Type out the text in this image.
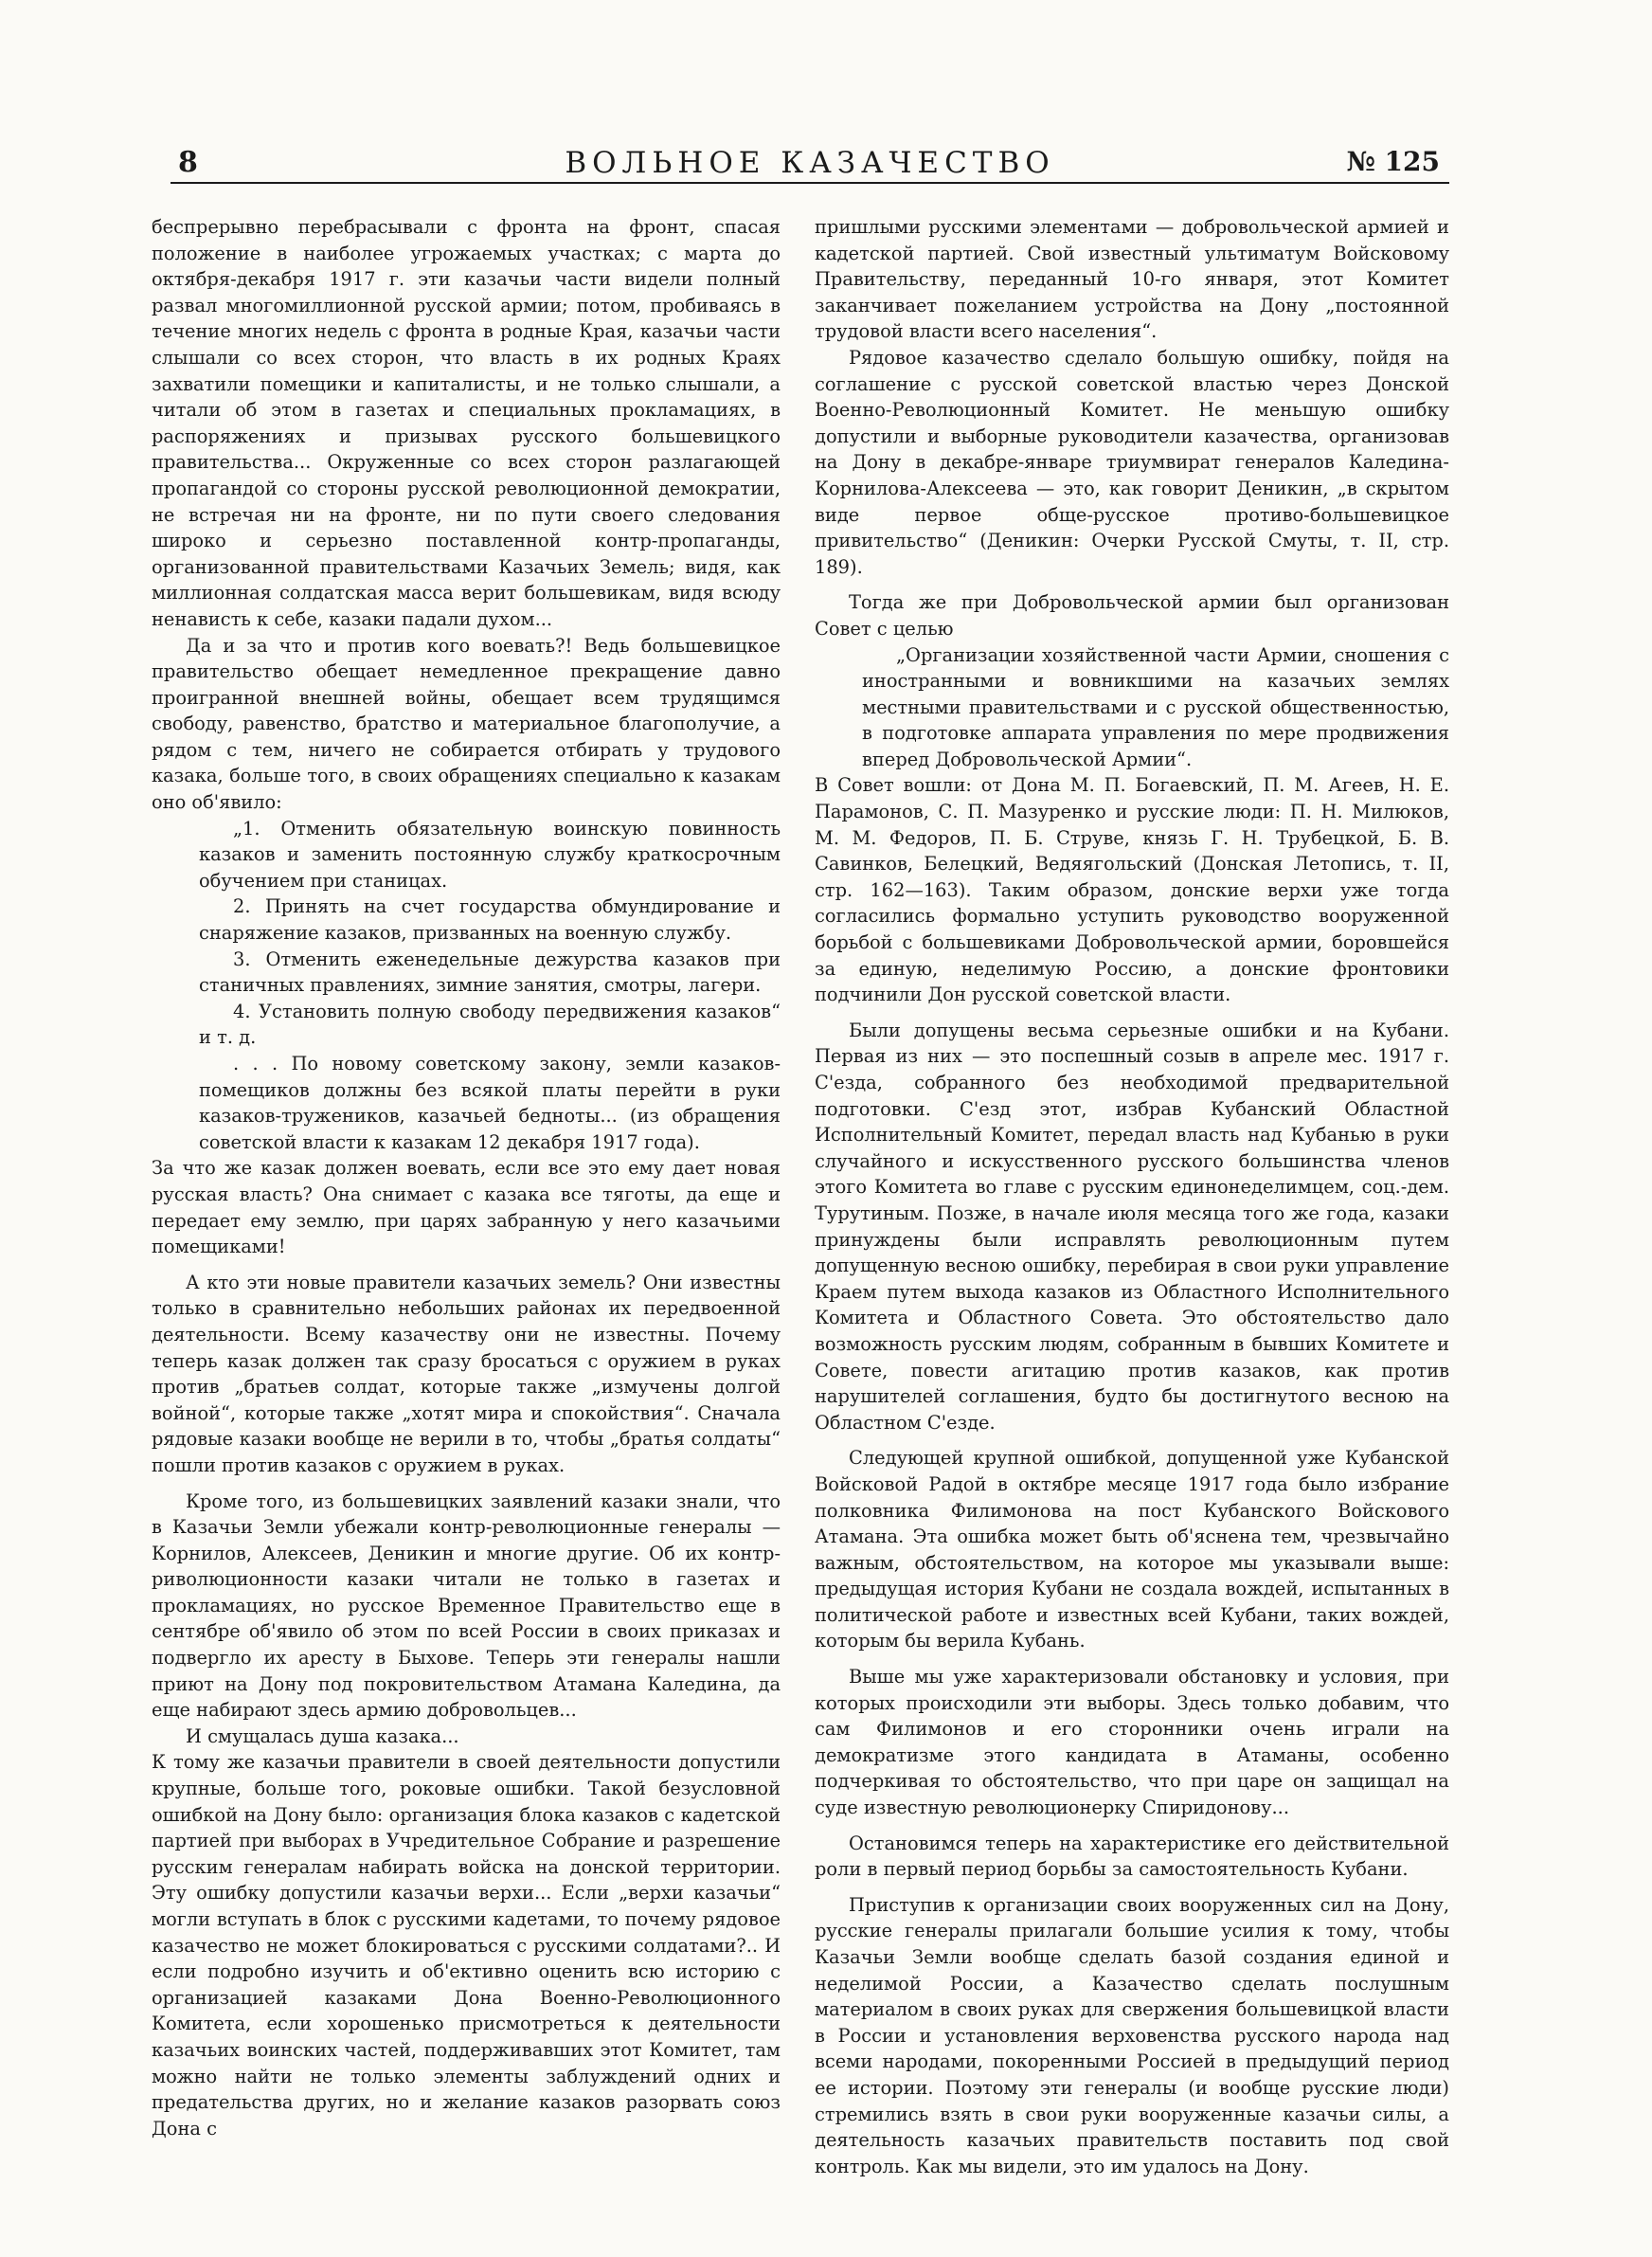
8	ВОЛЬНОЕ КАЗАЧЕСТВО	№ 125

беспрерывно перебрасывали с фронта на фронт, спасая положение в наиболее угрожаемых участках; с марта до октября-декабря 1917 г. эти казачьи части видели полный развал многомиллионной русской армии; потом, пробиваясь в течение многих недель с фронта в родные Края, казачьи части слышали со всех сторон, что власть в их родных Краях захватили помещики и капиталисты, и не только слышали, а читали об этом в газетах и специальных прокламациях, в распоряжениях и призывах русского большевицкого правительства... Окруженные со всех сторон разлагающей пропагандой со стороны русской революционной демократии, не встречая ни на фронте, ни по пути своего следования широко и серьезно поставленной контр-пропаганды, организованной правительствами Казачьих Земель; видя, как миллионная солдатская масса верит большевикам, видя всюду ненависть к себе, казаки падали духом...

Да и за что и против кого воевать?! Ведь большевицкое правительство обещает немедленное прекращение давно проигранной внешней войны, обещает всем трудящимся свободу, равенство, братство и материальное благополучие, а рядом с тем, ничего не собирается отбирать у трудового казака, больше того, в своих обращениях специально к казакам оно об'явило:

„1. Отменить обязательную воинскую повинность казаков и заменить постоянную службу краткосрочным обучением при станицах.

2. Принять на счет государства обмундирование и снаряжение казаков, призванных на военную службу.

3. Отменить еженедельные дежурства казаков при станичных правлениях, зимние занятия, смотры, лагери.

4. Установить полную свободу передвижения казаков“ и т. д.

. . . По новому советскому закону, земли казаков-помещиков должны без всякой платы перейти в руки казаков-тружеников, казачьей бедноты... (из обращения советской власти к казакам 12 декабря 1917 года).

За что же казак должен воевать, если все это ему дает новая русская власть? Она снимает с казака все тяготы, да еще и передает ему землю, при царях забранную у него казачьими помещиками!

А кто эти новые правители казачьих земель? Они известны только в сравнительно небольших районах их передвоенной деятельности. Всему казачеству они не известны. Почему теперь казак должен так сразу бросаться с оружием в руках против „братьев солдат, которые также „измучены долгой войной“, которые также „хотят мира и спокойствия“. Сначала рядовые казаки вообще не верили в то, чтобы „братья солдаты“ пошли против казаков с оружием в руках.

Кроме того, из большевицких заявлений казаки знали, что в Казачьи Земли убежали контр-революционные генералы — Корнилов, Алексеев, Деникин и многие другие. Об их контр-риволюционности казаки читали не только в газетах и прокламациях, но русское Временное Правительство еще в сентябре об'явило об этом по всей России в своих приказах и подвергло их аресту в Быхове. Теперь эти генералы нашли приют на Дону под покровительством Атамана Каледина, да еще набирают здесь армию добровольцев...

И смущалась душа казака...

К тому же казачьи правители в своей деятельности допустили крупные, больше того, роковые ошибки. Такой безусловной ошибкой на Дону было: организация блока казаков с кадетской партией при выборах в Учредительное Собрание и разрешение русским генералам набирать войска на донской территории. Эту ошибку допустили казачьи верхи... Если „верхи казачьи“ могли вступать в блок с русскими кадетами, то почему рядовое казачество не может блокироваться с русскими солдатами?.. И если подробно изучить и об'ективно оценить всю историю с организацией казаками Дона Военно-Революционного Комитета, если хорошенько присмотреться к деятельности казачьих воинских частей, поддерживавших этот Комитет, там можно найти не только элементы заблуждений одних и предательства других, но и желание казаков разорвать союз Дона с

пришлыми русскими элементами — добровольческой армией и кадетской партией. Свой известный ультиматум Войсковому Правительству, переданный 10-го января, этот Комитет заканчивает пожеланием устройства на Дону „постоянной трудовой власти всего населения“.

Рядовое казачество сделало большую ошибку, пойдя на соглашение с русской советской властью через Донской Военно-Революционный Комитет. Не меньшую ошибку допустили и выборные руководители казачества, организовав на Дону в декабре-январе триумвират генералов Каледина-Корнилова-Алексеева — это, как говорит Деникин, „в скрытом виде первое обще-русское противо-большевицкое привительство“ (Деникин: Очерки Русской Смуты, т. II, стр. 189).

Тогда же при Добровольческой армии был организован Совет с целью

„Организации хозяйственной части Армии, сношения с иностранными и вовникшими на казачьих землях местными правительствами и с русской общественностью, в подготовке аппарата управления по мере продвижения вперед Добровольческой Армии“.

В Совет вошли: от Дона М. П. Богаевский, П. М. Агеев, Н. Е. Парамонов, С. П. Мазуренко и русские люди: П. Н. Милюков, М. М. Федоров, П. Б. Струве, князь Г. Н. Трубецкой, Б. В. Савинков, Белецкий, Ведяягольский (Донская Летопись, т. II, стр. 162—163). Таким образом, донские верхи уже тогда согласились формально уступить руководство вооруженной борьбой с большевиками Добровольческой армии, боровшейся за единую, неделимую Россию, а донские фронтовики подчинили Дон русской советской власти.

Были допущены весьма серьезные ошибки и на Кубани. Первая из них — это поспешный созыв в апреле мес. 1917 г. С'езда, собранного без необходимой предварительной подготовки. С'езд этот, избрав Кубанский Областной Исполнительный Комитет, передал власть над Кубанью в руки случайного и искусственного русского большинства членов этого Комитета во главе с русским единонеделимцем, соц.-дем. Турутиным. Позже, в начале июля месяца того же года, казаки принуждены были исправлять революционным путем допущенную весною ошибку, перебирая в свои руки управление Краем путем выхода казаков из Областного Исполнительного Комитета и Областного Совета. Это обстоятельство дало возможность русским людям, собранным в бывших Комитете и Совете, повести агитацию против казаков, как против нарушителей соглашения, будто бы достигнутого весною на Областном С'езде.

Следующей крупной ошибкой, допущенной уже Кубанской Войсковой Радой в октябре месяце 1917 года было избрание полковника Филимонова на пост Кубанского Войскового Атамана. Эта ошибка может быть об'яснена тем, чрезвычайно важным, обстоятельством, на которое мы указывали выше: предыдущая история Кубани не создала вождей, испытанных в политической работе и известных всей Кубани, таких вождей, которым бы верила Кубань.

Выше мы уже характеризовали обстановку и условия, при которых происходили эти выборы. Здесь только добавим, что сам Филимонов и его сторонники очень играли на демократизме этого кандидата в Атаманы, особенно подчеркивая то обстоятельство, что при царе он защищал на суде известную революционерку Спиридонову...

Остановимся теперь на характеристике его действительной роли в первый период борьбы за самостоятельность Кубани.

Приступив к организации своих вооруженных сил на Дону, русские генералы прилагали большие усилия к тому, чтобы Казачьи Земли вообще сделать базой создания единой и неделимой России, а Казачество сделать послушным материалом в своих руках для свержения большевицкой власти в России и установления верховенства русского народа над всеми народами, покоренными Россией в предыдущий период ее истории. Поэтому эти генералы (и вообще русские люди) стремились взять в свои руки вооруженные казачьи силы, а деятельность казачьих правительств поставить под свой контроль. Как мы видели, это им удалось на Дону.
